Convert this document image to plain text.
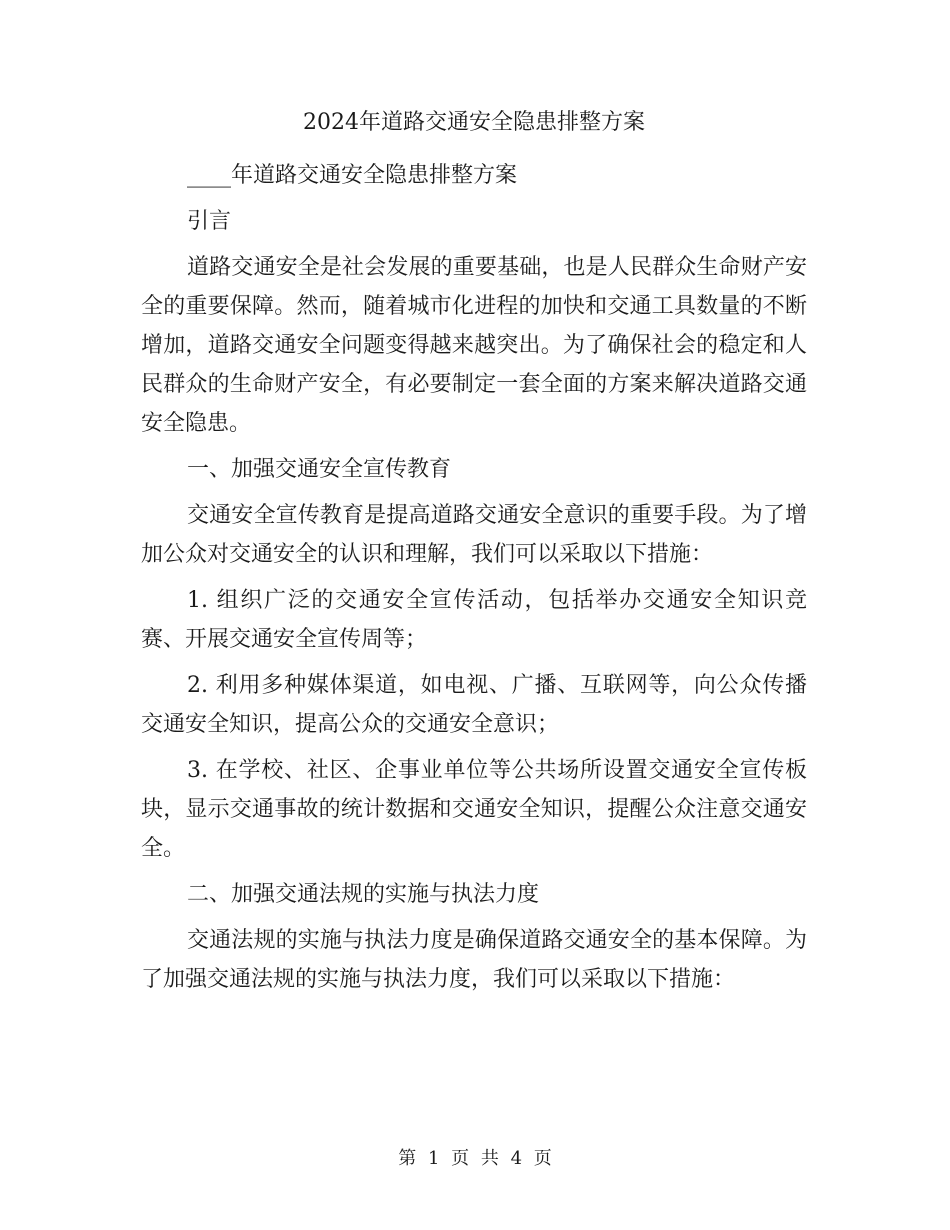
2024年道路交通安全隐患排整方案

____年道路交通安全隐患排整方案

引言

道路交通安全是社会发展的重要基础，也是人民群众生命财产安全的重要保障。然而，随着城市化进程的加快和交通工具数量的不断增加，道路交通安全问题变得越来越突出。为了确保社会的稳定和人民群众的生命财产安全，有必要制定一套全面的方案来解决道路交通安全隐患。

一、加强交通安全宣传教育

交通安全宣传教育是提高道路交通安全意识的重要手段。为了增加公众对交通安全的认识和理解，我们可以采取以下措施：

1. 组织广泛的交通安全宣传活动，包括举办交通安全知识竞赛、开展交通安全宣传周等；

2. 利用多种媒体渠道，如电视、广播、互联网等，向公众传播交通安全知识，提高公众的交通安全意识；

3. 在学校、社区、企事业单位等公共场所设置交通安全宣传板块，显示交通事故的统计数据和交通安全知识，提醒公众注意交通安全。

二、加强交通法规的实施与执法力度

交通法规的实施与执法力度是确保道路交通安全的基本保障。为了加强交通法规的实施与执法力度，我们可以采取以下措施：

第 1 页 共 4 页
